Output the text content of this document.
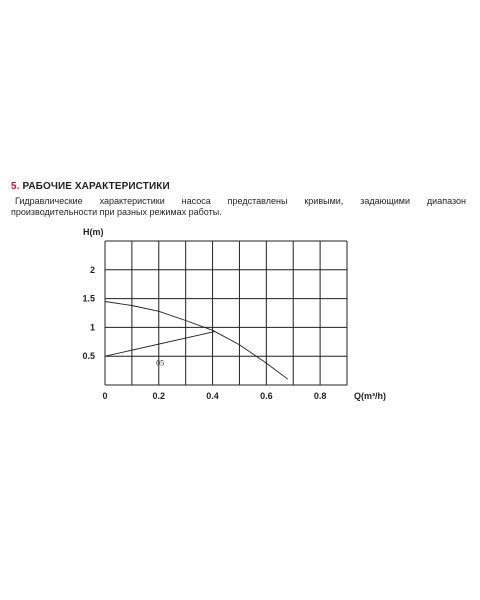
5. РАБОЧИЕ ХАРАКТЕРИСТИКИ
Гидравлические характеристики насоса представлены кривыми, задающими диапазон производительности при разных режимах работы.
0	0.2	0.4	0.6	0.8
0.5
1
1.5
2
H(m)
Q(m³/h)
05
